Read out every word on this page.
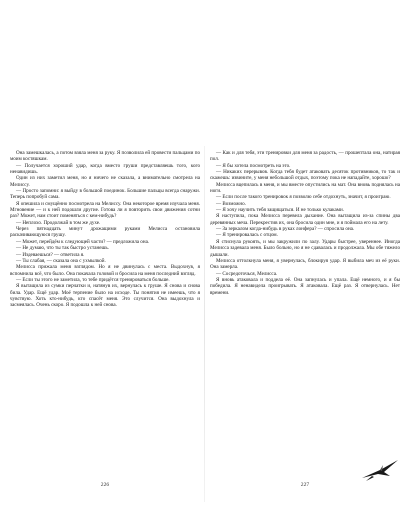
Она замешкалась, а потом взяла меня за руку. Я позволила ей провести пальцами по моим костяшкам.

— Получается хороший удар, когда вместо груши представляешь того, кого ненавидишь.

Один из них заметил меня, но я ничего не сказала, а внимательно смотрела на Мелиссу.

— Просто запомни: я выйду в большой поединок. Большие пальцы всегда снаружи. Теперь попробуй сама.

Я опешила и смущённо посмотрела на Мелиссу. Она некоторое время изучала меня. Мгновение — и к ней подошли другие. Готова ли я повторить свои движения сотни раз? Может, нам стоит поменяться с кем-нибудь?

— Неплохо. Продолжай в том же духе.

Через пятнадцать минут дрожащими руками Мелисса остановила раскачивающуюся грушу.

— Может, перейдём к следующей части? — предложила она.

— Не думаю, что ты так быстро устанешь.

— Издеваешься? — ответила я.

— Ты слабая, — сказала она с ухмылкой.

Мелисса прижала меня взглядом. Но я не двинулась с места. Выдохнув, я вспомнила всё, что было. Она покачала головой и бросила на меня последний взгляд.

— Если ты этого не заметила, то тебе придётся тренироваться больше.

Я вытащила из сумки перчатки и, натянув их, вернулась к груше. Я снова и снова била. Удар. Ещё удар. Моё терпение было на исходе. Ты понятия не имеешь, что я чувствую. Хоть кто-нибудь, кто спасёт меня. Это случится. Она выдохнула и засмеялась. Очень скоро. Я подошла к ней снова.

— Как и для тебя, эти тренировки для меня за радость, — прошептала она, натирая пол.

— Я бы хотела посмотреть на это.

— Никаких перерывов. Когда тебя будет атаковать десяток противников, то так и скажешь: извините, у меня небольшой отдых, поэтому пока не нападайте, хорошо?

Мелисса вцепилась в меня, и мы вместе опустились на мат. Она вновь поднялась на ноги.

— Если после такого тренировок я позволю себе отдохнуть, значит, я проиграю.

— Возможно.

— Я хочу научить тебя защищаться. И не только кулаками.

Я наступила, пока Мелисса перевела дыхание. Она вытащила из-за спины два деревянных меча. Перекрестив их, она бросила один мне, и я поймала его на лету.

— За зеркалом когда-нибудь в руках лонфера? — спросила она.

— Я тренировалась с отцом.

Я стиснула рукоять, и мы закружили по залу. Удары быстрее, увереннее. Иногда Мелисса задевала меня. Было больно, но я не сдавалась и продолжала. Мы обе тяжело дышали.

Мелисса оттолкнула меня, я увернулась, блокируя удар. Я выбила меч из её руки. Она замерла.

— Сосредоточься, Мелисса.

Я вновь атаковала и поддела её. Она запнулась и упала. Ещё немного, и я бы победила. Я ненавидела проигрывать. Я атаковала. Ещё раз. Я отвернулась. Нет времени.

226	227
